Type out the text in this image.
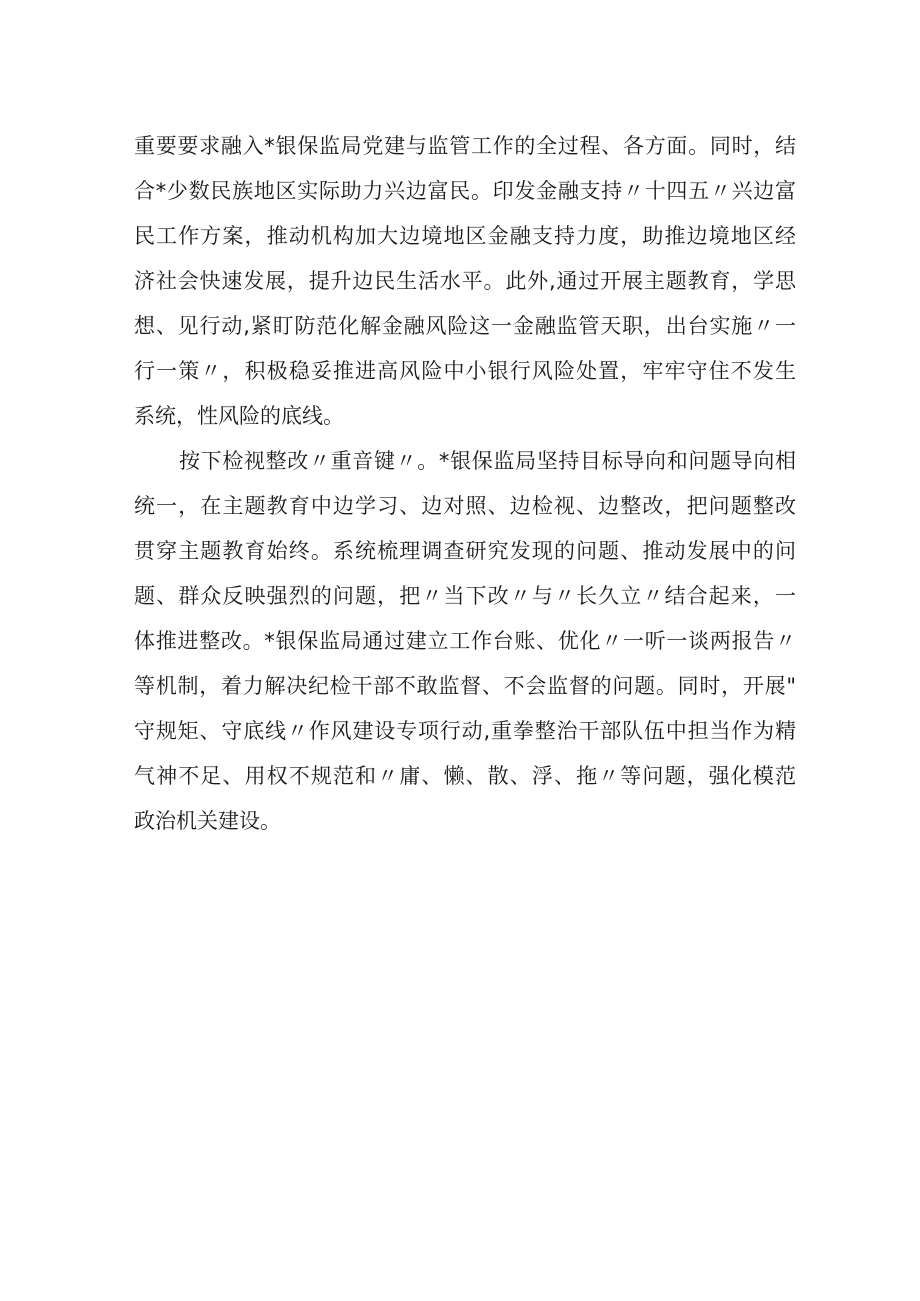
重要要求融入*银保监局党建与监管工作的全过程、各方面。同时，结
合*少数民族地区实际助力兴边富民。印发金融支持〃十四五〃兴边富
民工作方案，推动机构加大边境地区金融支持力度，助推边境地区经
济社会快速发展，提升边民生活水平。此外,通过开展主题教育，学思
想、见行动,紧盯防范化解金融风险这一金融监管天职，出台实施〃一
行一策〃，积极稳妥推进高风险中小银行风险处置，牢牢守住不发生
系统，性风险的底线。
按下检视整改〃重音键〃。*银保监局坚持目标导向和问题导向相
统一，在主题教育中边学习、边对照、边检视、边整改，把问题整改
贯穿主题教育始终。系统梳理调查研究发现的问题、推动发展中的问
题、群众反映强烈的问题，把〃当下改〃与〃长久立〃结合起来，一
体推进整改。*银保监局通过建立工作台账、优化〃一听一谈两报告〃
等机制，着力解决纪检干部不敢监督、不会监督的问题。同时，开展"
守规矩、守底线〃作风建设专项行动,重拳整治干部队伍中担当作为精
气神不足、用权不规范和〃庸、懒、散、浮、拖〃等问题，强化模范
政治机关建设。
